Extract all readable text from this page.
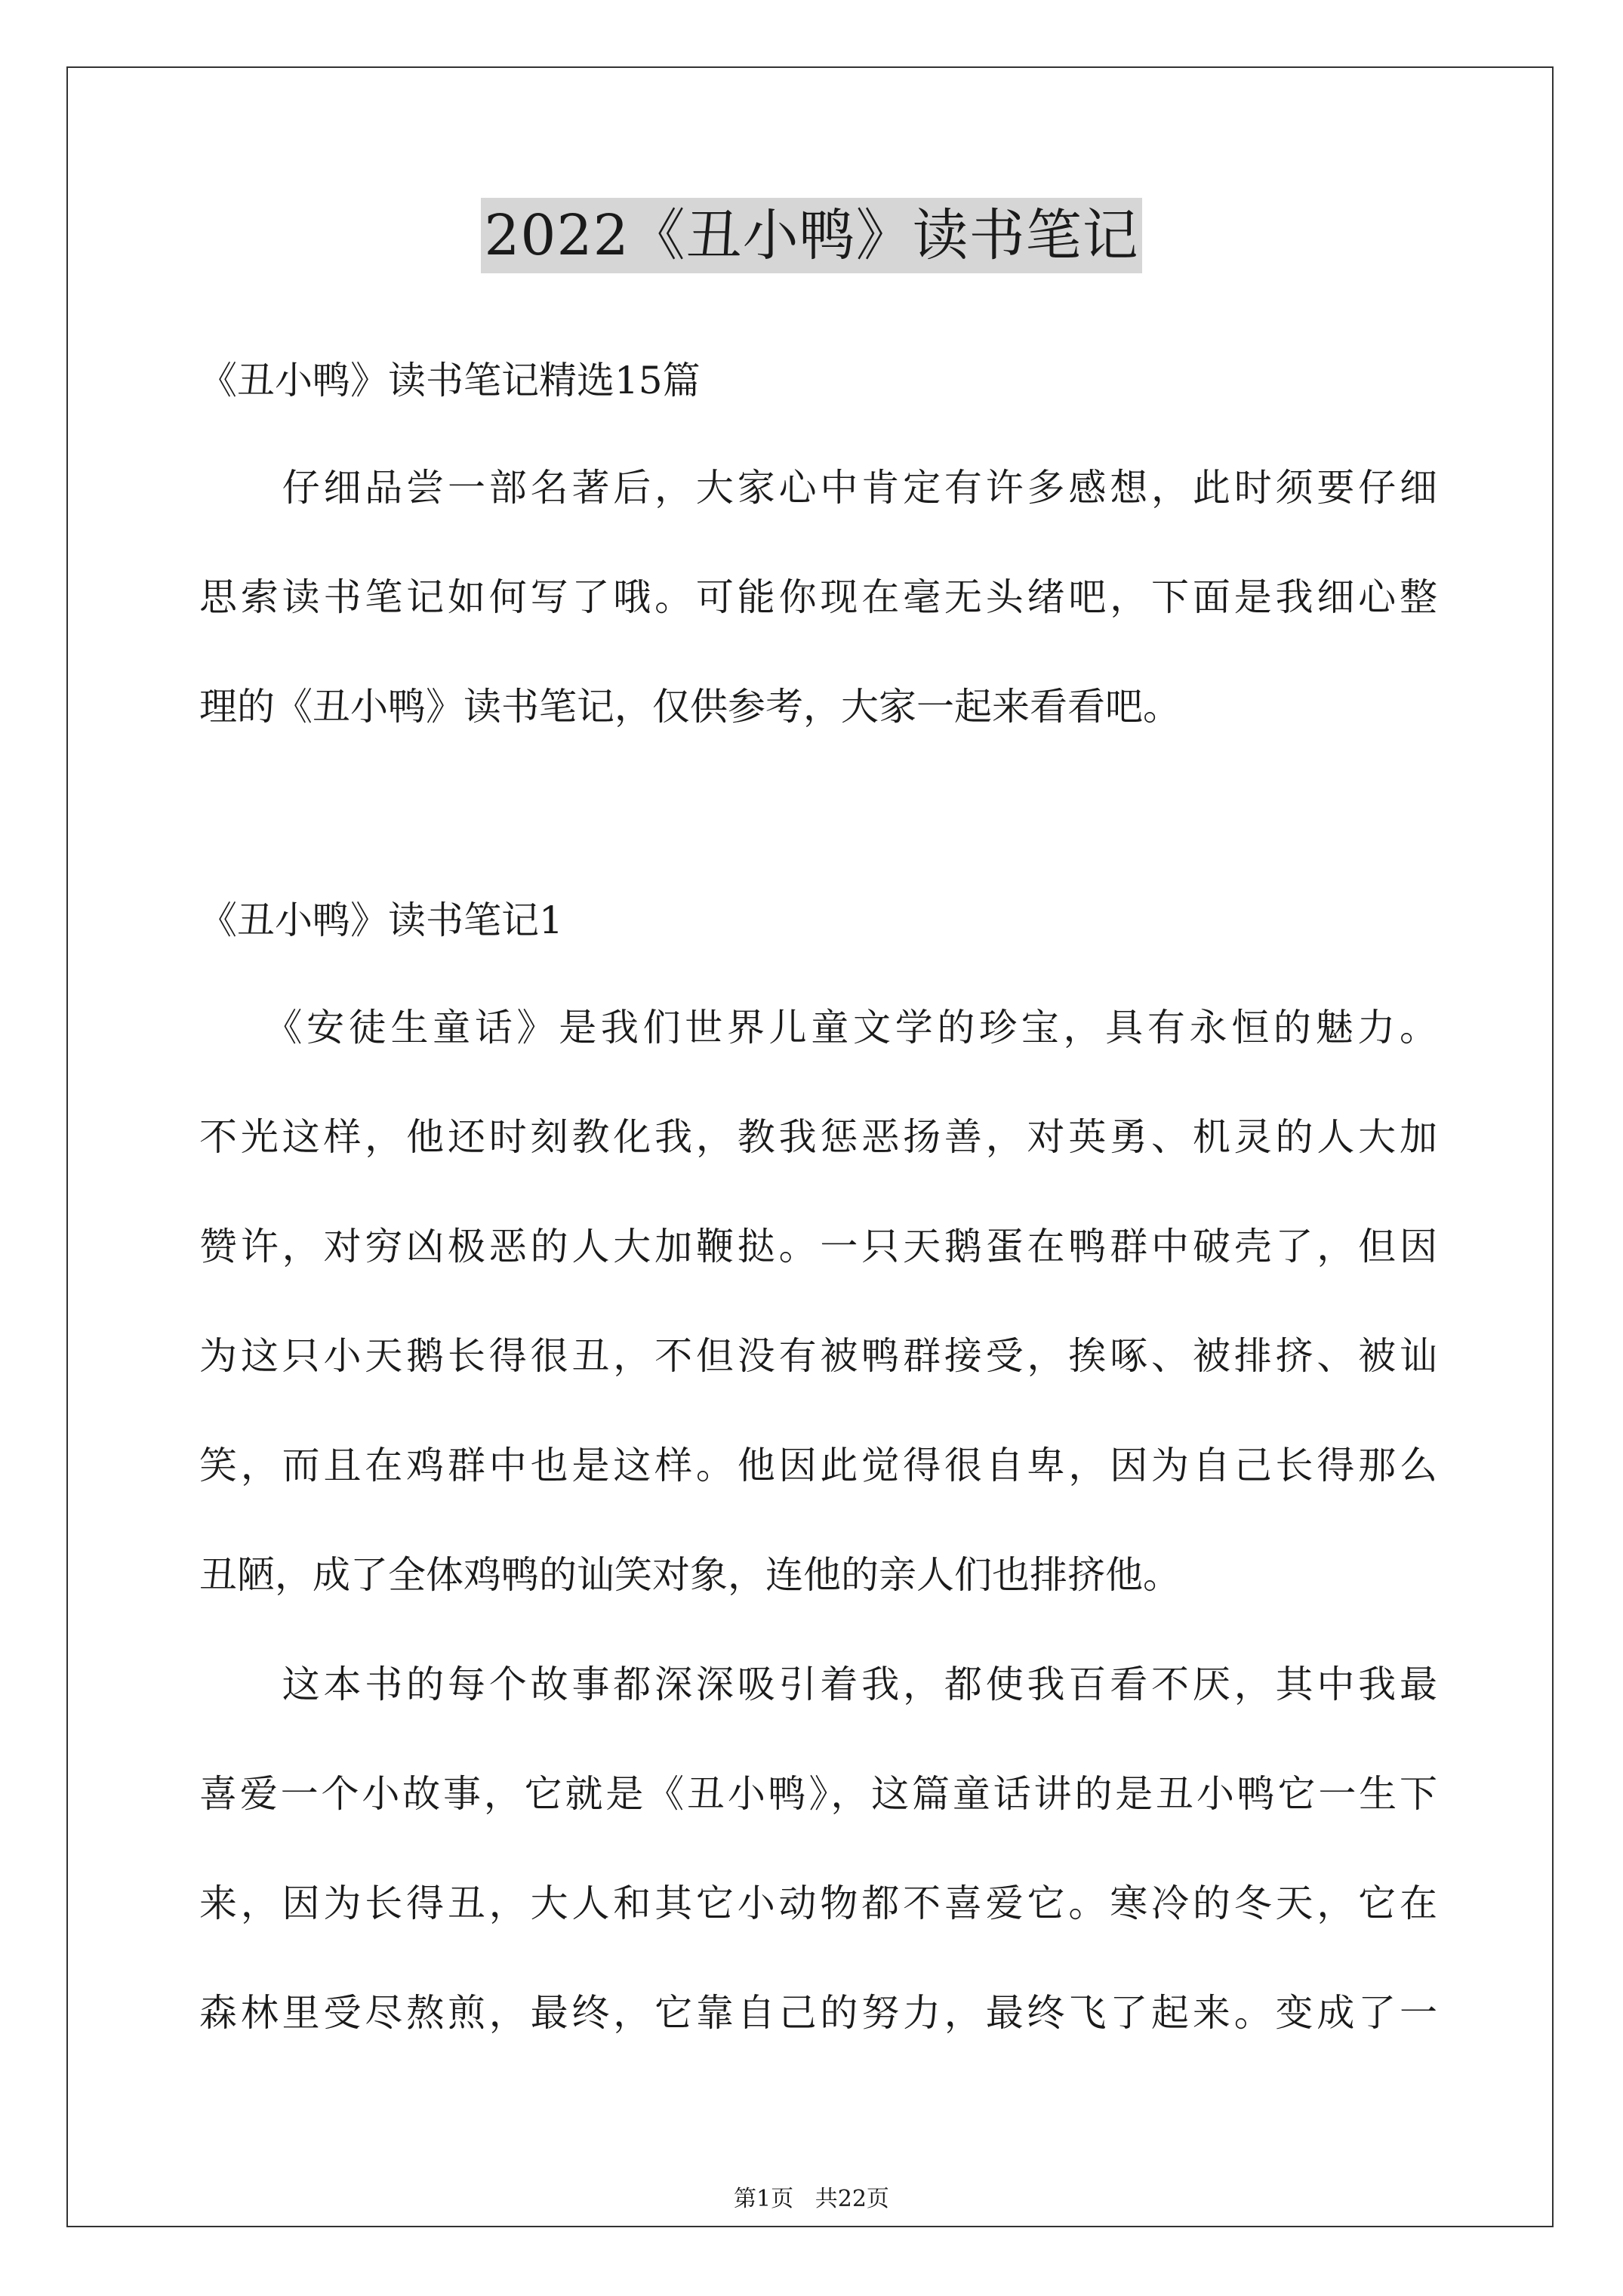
2022《丑小鸭》读书笔记
《丑小鸭》读书笔记精选15篇
　　仔细品尝一部名著后，大家心中肯定有许多感想，此时须要仔细
思索读书笔记如何写了哦。可能你现在毫无头绪吧，下面是我细心整
理的《丑小鸭》读书笔记，仅供参考，大家一起来看看吧。
《丑小鸭》读书笔记1
　　《安徒生童话》是我们世界儿童文学的珍宝，具有永恒的魅力。
不光这样，他还时刻教化我，教我惩恶扬善，对英勇、机灵的人大加
赞许，对穷凶极恶的人大加鞭挞。一只天鹅蛋在鸭群中破壳了，但因
为这只小天鹅长得很丑，不但没有被鸭群接受，挨啄、被排挤、被讪
笑，而且在鸡群中也是这样。他因此觉得很自卑，因为自己长得那么
丑陋，成了全体鸡鸭的讪笑对象，连他的亲人们也排挤他。
　　这本书的每个故事都深深吸引着我，都使我百看不厌，其中我最
喜爱一个小故事，它就是《丑小鸭》，这篇童话讲的是丑小鸭它一生下
来，因为长得丑，大人和其它小动物都不喜爱它。寒冷的冬天，它在
森林里受尽熬煎，最终，它靠自己的努力，最终飞了起来。变成了一
第1页 共22页
